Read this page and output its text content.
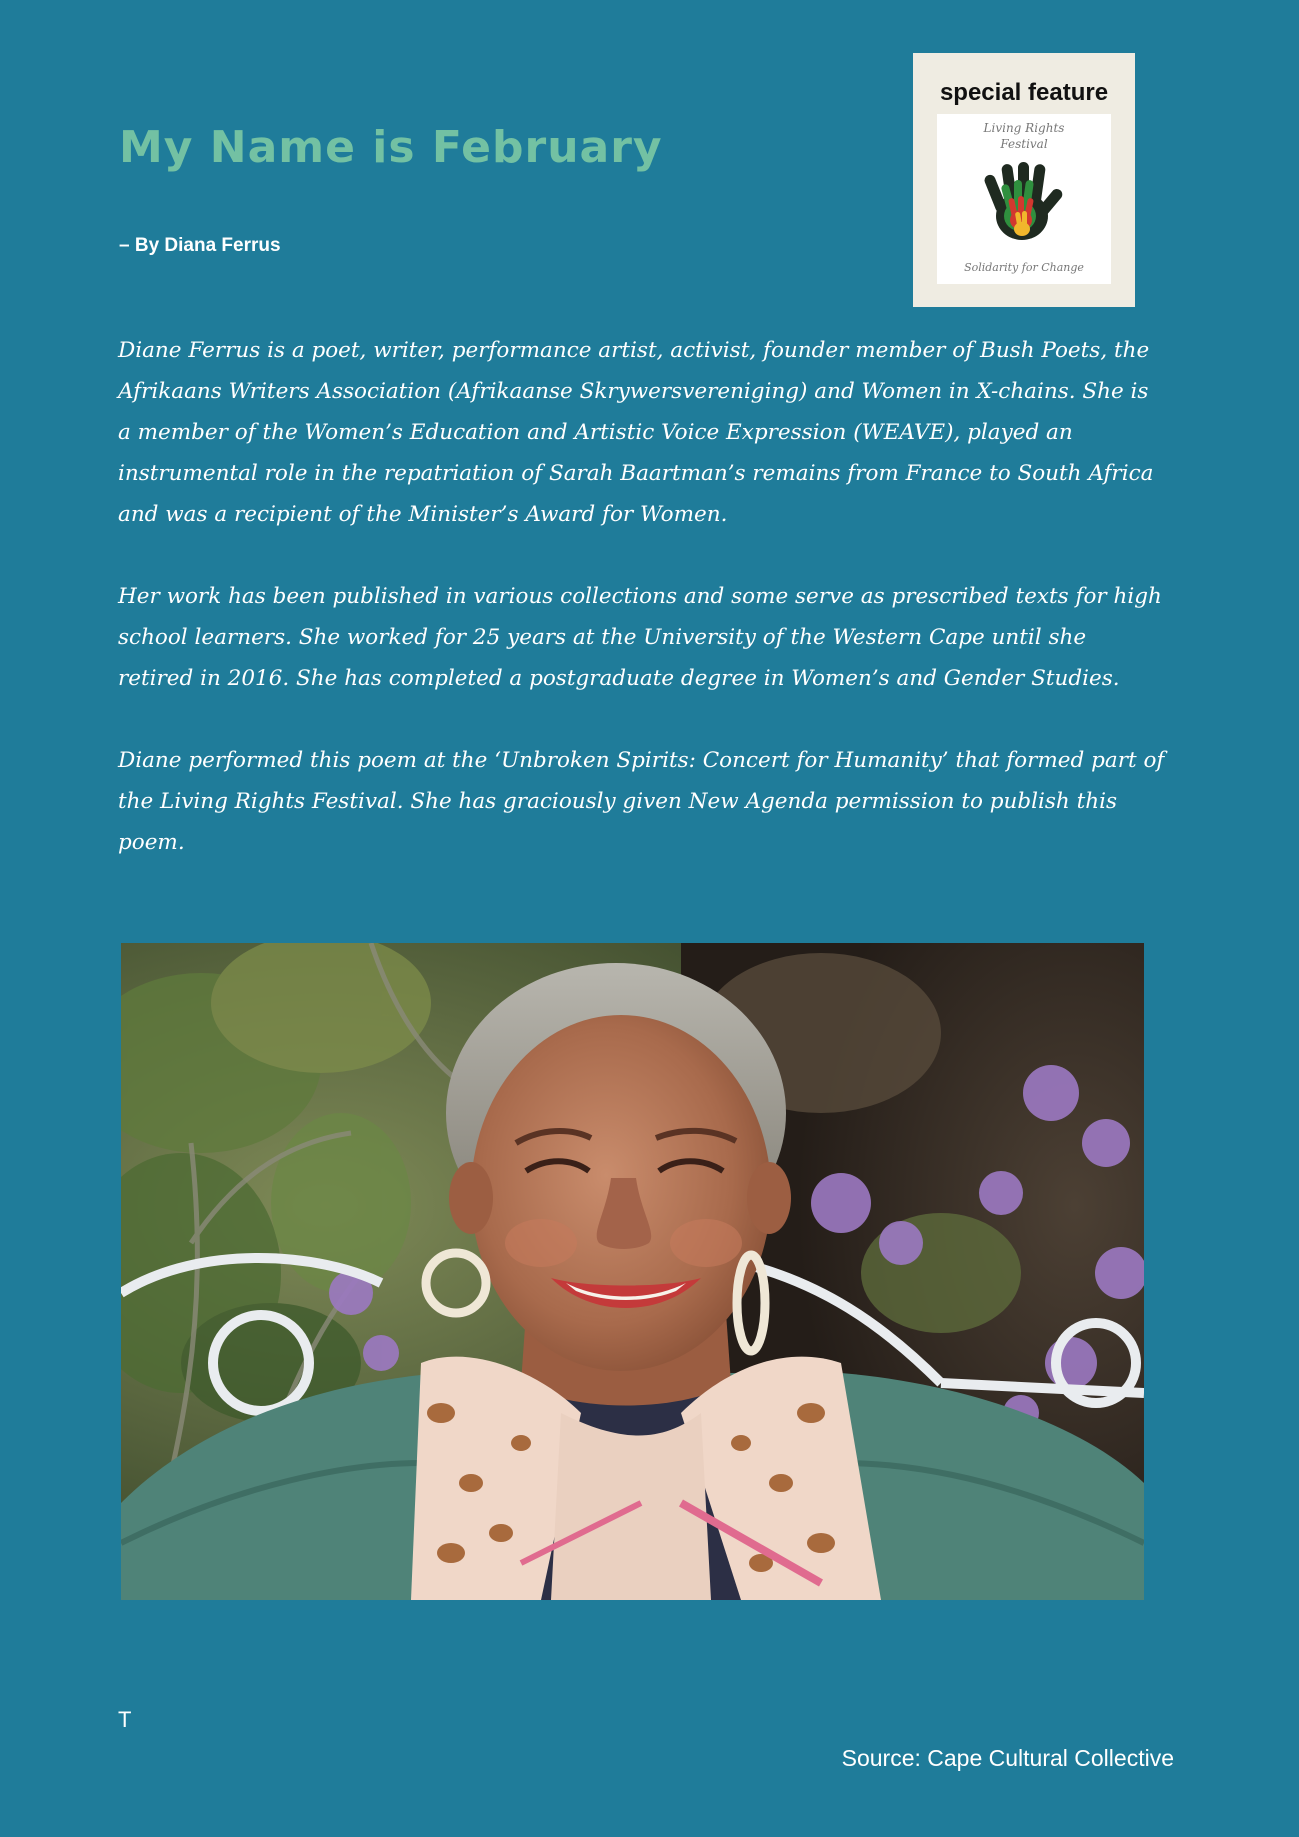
My Name is February
– By Diana Ferrus
special feature
Living Rights
Festival
Solidarity for Change

Diane Ferrus is a poet, writer, performance artist, activist, founder member of Bush Poets, the Afrikaans Writers Association (Afrikaanse Skrywersvereniging) and Women in X-chains. She is a member of the Women’s Education and Artistic Voice Expression (WEAVE), played an instrumental role in the repatriation of Sarah Baartman’s remains from France to South Africa and was a recipient of the Minister’s Award for Women.

Her work has been published in various collections and some serve as prescribed texts for high school learners. She worked for 25 years at the University of the Western Cape until she retired in 2016. She has completed a postgraduate degree in Women’s and Gender Studies.

Diane performed this poem at the ‘Unbroken Spirits: Concert for Humanity’ that formed part of the Living Rights Festival. She has graciously given New Agenda permission to publish this poem.

T
Source: Cape Cultural Collective
